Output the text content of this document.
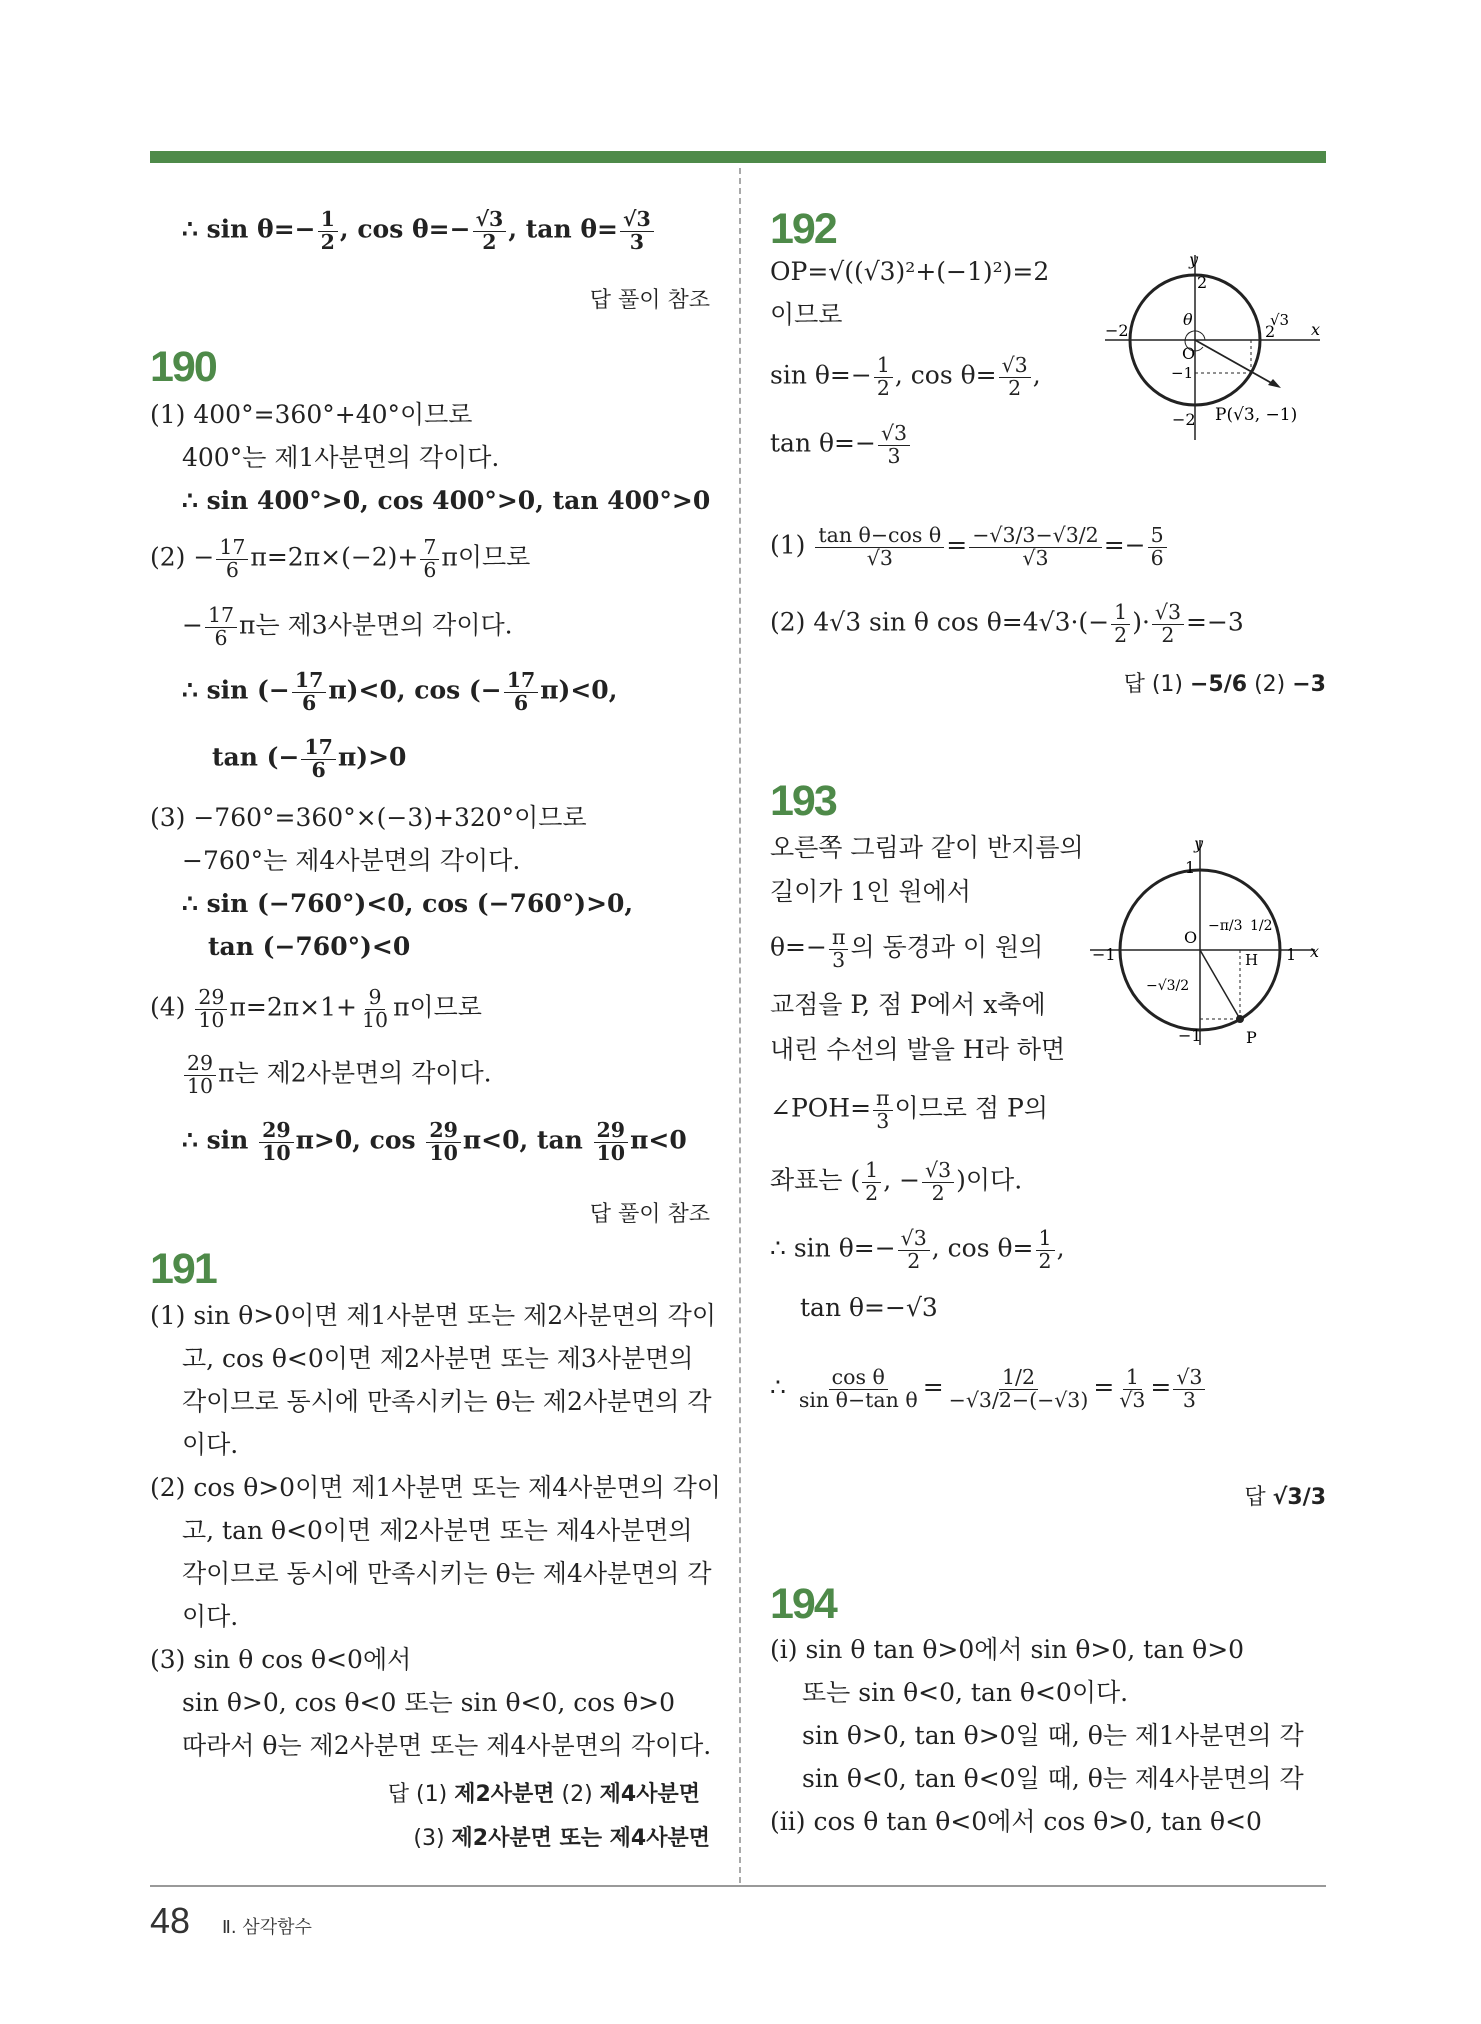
∴ $\sin \theta=- \frac{1}{2}$ , $\cos \theta=- \frac{√3}{2}$ , $\tan \theta= \frac{√3}{3}$
답 풀이 참조
190
(1) 400°=360°+40°이므로
400°는 제1사분면의 각이다.
∴ sin 400°>0, cos 400°>0, tan 400°>0
$(2) - \frac{17}{6} \pi=2\pi\times(-2)+ \frac{7}{6}$ π이므로
− $\frac{17}{6}$ π는 제3사분면의 각이다.
∴ sin (− $\frac{17}{6} \pi)<0$, cos (− $\frac{17}{6} \pi)<0$,
tan (− $\frac{17}{6} \pi)>0$
(3) −760°=360°×(−3)+320°이므로
−760°는 제4사분면의 각이다.
∴ sin (−760°)<0, cos (−760°)>0,
tan (−760°)<0
$(4) \frac{29}{10} \pi=2\pi\times 1+ \frac{9}{10}$ π이므로
$\frac{29}{10}$ π는 제2사분면의 각이다.
∴ $\sin \frac{29}{10} \pi>0$, $\cos \frac{29}{10} \pi<0$, $\tan \frac{29}{10} \pi<0$
답 풀이 참조
191
(1) sin θ>0이면 제1사분면 또는 제2사분면의 각이
고, cos θ<0이면 제2사분면 또는 제3사분면의
각이므로 동시에 만족시키는 θ는 제2사분면의 각
이다.
(2) cos θ>0이면 제1사분면 또는 제4사분면의 각이
고, tan θ<0이면 제2사분면 또는 제4사분면의
각이므로 동시에 만족시키는 θ는 제4사분면의 각
이다.
(3) sin θ cos θ<0에서
sin θ>0, cos θ<0 또는 sin θ<0, cos θ>0
따라서 θ는 제2사분면 또는 제4사분면의 각이다.
답 (1) 제2사분면 (2) 제4사분면
(3) 제2사분면 또는 제4사분면
192
OP=√((√3)²+(−1)²)=2
이므로
$\sin \theta=- \frac{1}{2}$ , $\cos \theta= \frac{√3}{2}$ ,
$\tan \theta=- \frac{√3}{3}$
$(1) \frac{\text{tan θ−cos θ}}{√3} = \frac{-√3/3-√3/2}{√3} =- \frac{5}{6}$
(2) 4√3 sin θ $\cos \theta=4√3\cdot(- \frac{1}{2}$ )· $\frac{√3}{2} =-3$
답 (1) −5/6 (2) −3
y
x
2
−2	2
−2
θ
O
√3
−1
P(√3, −1)
193
오른쪽 그림과 같이 반지름의
길이가 1인 원에서
$\theta=- \frac{\pi}{3}$ 의 동경과 이 원의
교점을 P, 점 P에서 x축에
내린 수선의 발을 H라 하면
∠POH= $\frac{\pi}{3}$ 이므로 점 P의
좌표는 ( $\frac{1}{2}$ , − $\frac{√3}{2}$ )이다.
∴ $\sin \theta=- \frac{√3}{2}$ , $\cos \theta= \frac{1}{2}$ ,
tan θ=−√3
∴ $\frac{\text{cos θ}}{\text{sin θ−tan θ}} = \frac{1/2}{-√3/2-(-√3)} = \frac{1}{√3} = \frac{√3}{3}$
답 √3/3
y
x
1
−1	1
−1
O
−π/3 1/2
H
−√3/2
P
194
(i) sin θ tan θ>0에서 sin θ>0, tan θ>0
또는 sin θ<0, tan θ<0이다.
sin θ>0, tan θ>0일 때, θ는 제1사분면의 각
sin θ<0, tan θ<0일 때, θ는 제4사분면의 각
(ii) cos θ tan θ<0에서 cos θ>0, tan θ<0
48 Ⅱ. 삼각함수
